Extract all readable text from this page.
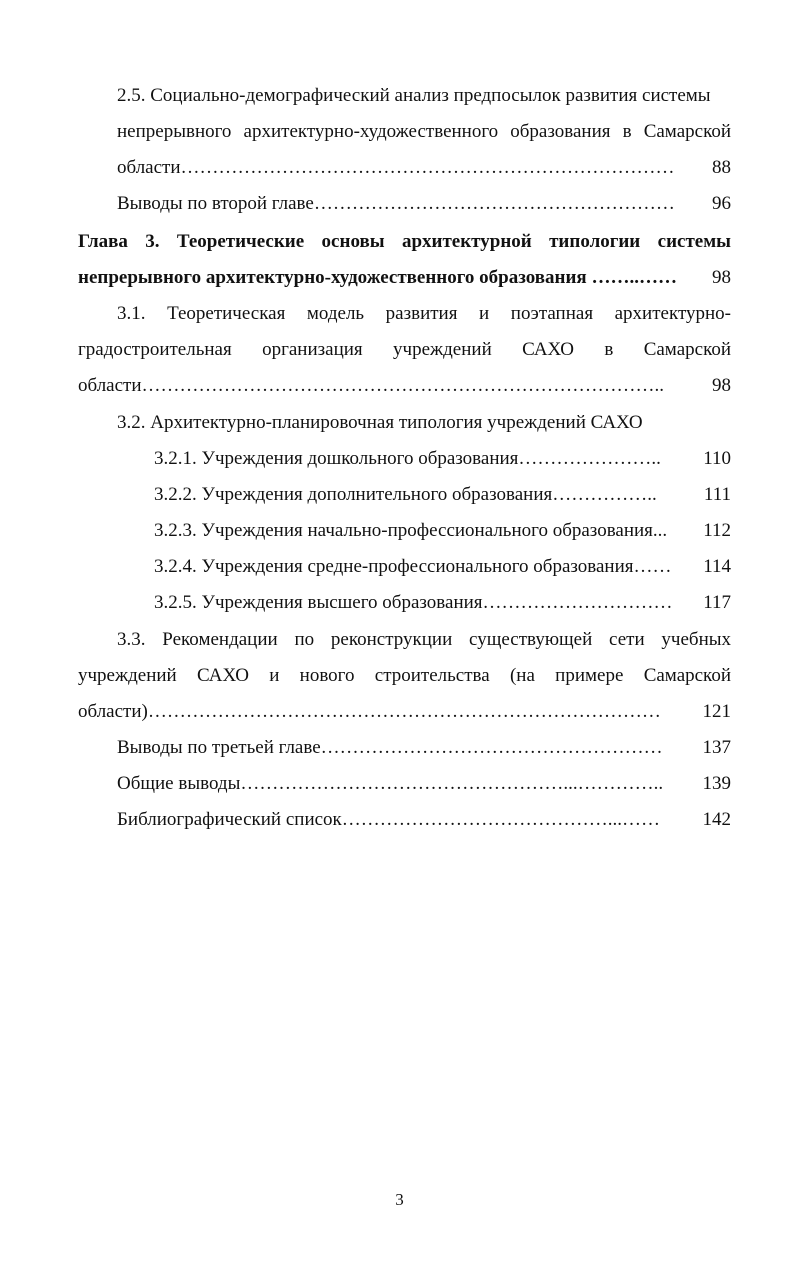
2.5. Социально-демографический анализ предпосылок развития системы
непрерывного архитектурно-художественного образования в Самарской
области…………………………………………………………………… 88
Выводы по второй главе………………………………………………… 96
Глава 3. Теоретические основы архитектурной типологии системы
непрерывного архитектурно-художественного образования ……..…… 98
3.1. Теоретическая модель развития и поэтапная архитектурно-
градостроительная организация учреждений САХО в Самарской
области………………………………………………………………………..	98
3.2. Архитектурно-планировочная типология учреждений САХО
3.2.1. Учреждения дошкольного образования………………….. 110
3.2.2. Учреждения дополнительного образования…………….. 111
3.2.3. Учреждения начально-профессионального образования... 112
3.2.4. Учреждения средне-профессионального образования…… 114
3.2.5. Учреждения высшего образования………………………… 117
3.3. Рекомендации по реконструкции существующей сети учебных
учреждений САХО и нового строительства (на примере Самарской
области)……………………………………………………………………… 121
Выводы по третьей главе……………………………………………… 137
Общие выводы……………………………………………...………….. 139
Библиографический список……………………………………...…… 142
3
